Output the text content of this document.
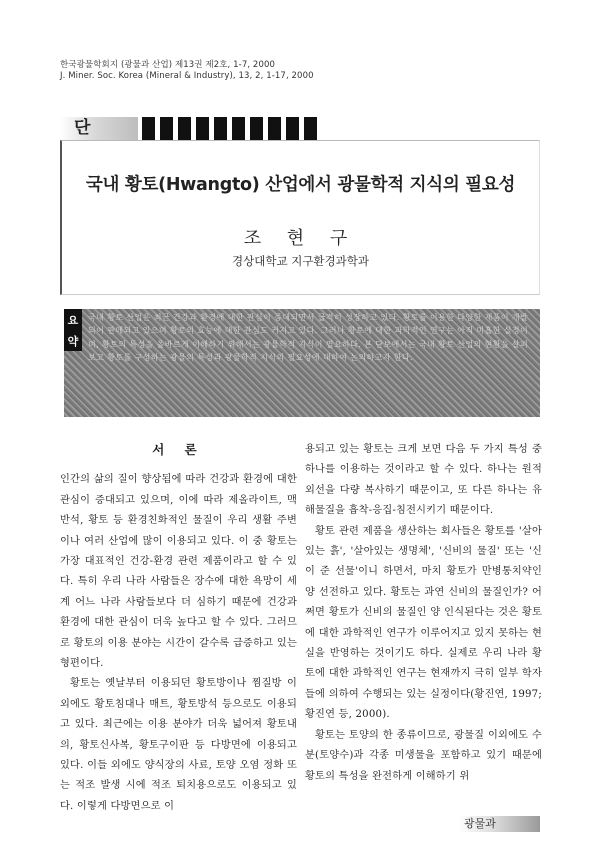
한국광물학회지 (광물과 산업) 제13권 제2호, 1-7, 2000
J. Miner. Soc. Korea (Mineral & Industry), 13, 2, 1-17, 2000
단
국내 황토(Hwangto) 산업에서 광물학적 지식의 필요성
조 현 구
경상대학교 지구환경과학과
요
약
국내 황토 산업은 최근 건강과 환경에 대한 관심이 증대되면서 급격히 성장하고 있다. 황토를 이용한 다양한 제품이 개발되어 판매되고 있으며 황토의 효능에 대한 관심도 커지고 있다. 그러나 황토에 대한 과학적인 연구는 아직 미흡한 실정이며, 황토의 특성을 올바르게 이해하기 위해서는 광물학적 지식이 필요하다. 본 단보에서는 국내 황토 산업의 현황을 살펴보고 황토를 구성하는 광물의 특성과 광물학적 지식의 필요성에 대하여 논의하고자 한다.
서 론

인간의 삶의 질이 향상됨에 따라 건강과 환경에 대한 관심이 증대되고 있으며, 이에 따라 제올라이트, 맥반석, 황토 등 환경친화적인 물질이 우리 생활 주변이나 여러 산업에 많이 이용되고 있다. 이 중 황토는 가장 대표적인 건강-환경 관련 제품이라고 할 수 있다. 특히 우리 나라 사람들은 장수에 대한 욕망이 세계 어느 나라 사람들보다 더 심하기 때문에 건강과 환경에 대한 관심이 더욱 높다고 할 수 있다. 그러므로 황토의 이용 분야는 시간이 갈수록 급증하고 있는 형편이다.

황토는 옛날부터 이용되던 황토방이나 찜질방 이외에도 황토침대나 매트, 황토방석 등으로도 이용되고 있다. 최근에는 이용 분야가 더욱 넓어져 황토내의, 황토신사복, 황토구이판 등 다방면에 이용되고 있다. 이들 외에도 양식장의 사료, 토양 오염 정화 또는 적조 발생 시에 적조 퇴치용으로도 이용되고 있다. 이렇게 다방면으로 이

용되고 있는 황토는 크게 보면 다음 두 가지 특성 중 하나를 이용하는 것이라고 할 수 있다. 하나는 원적외선을 다량 복사하기 때문이고, 또 다른 하나는 유해물질을 흡착-응집-침전시키기 때문이다.

황토 관련 제품을 생산하는 회사들은 황토를 '살아있는 흙', '살아있는 생명체', '신비의 물질' 또는 '신이 준 선물'이니 하면서, 마치 황토가 만병통치약인 양 선전하고 있다. 황토는 과연 신비의 물질인가? 어쩌면 황토가 신비의 물질인 양 인식된다는 것은 황토에 대한 과학적인 연구가 이루어지고 있지 못하는 현실을 반영하는 것이기도 하다. 실제로 우리 나라 황토에 대한 과학적인 연구는 현재까지 극히 일부 학자들에 의하여 수행되는 있는 실정이다(황진연, 1997; 황진연 등, 2000).

황토는 토양의 한 종류이므로, 광물질 이외에도 수분(토양수)과 각종 미생물을 포함하고 있기 때문에 황토의 특성을 완전하게 이해하기 위

광물과
